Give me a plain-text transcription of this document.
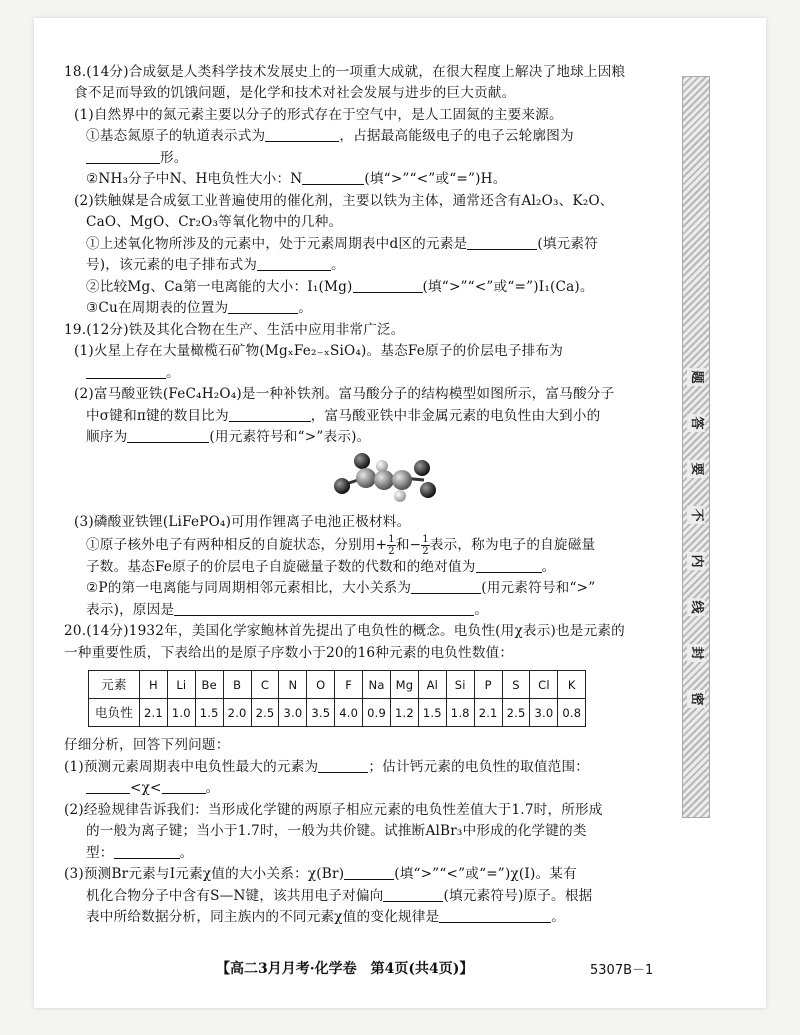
18.(14分)合成氨是人类科学技术发展史上的一项重大成就，在很大程度上解决了地球上因粮

食不足而导致的饥饿问题，是化学和技术对社会发展与进步的巨大贡献。

(1)自然界中的氮元素主要以分子的形式存在于空气中，是人工固氮的主要来源。

①基态氮原子的轨道表示式为	，占据最高能级电子的电子云轮廓图为

形。

②NH₃分子中N、H电负性大小：N	(填“>”“<”或“=”)H。

(2)铁触媒是合成氨工业普遍使用的催化剂，主要以铁为主体，通常还含有Al₂O₃、K₂O、

CaO、MgO、Cr₂O₃等氧化物中的几种。

①上述氧化物所涉及的元素中，处于元素周期表中d区的元素是	(填元素符

号)，该元素的电子排布式为	。

②比较Mg、Ca第一电离能的大小：I₁(Mg)	(填“>”“<”或“=”)I₁(Ca)。

③Cu在周期表的位置为	。

19.(12分)铁及其化合物在生产、生活中应用非常广泛。

(1)火星上存在大量橄榄石矿物(MgₓFe₂₋ₓSiO₄)。基态Fe原子的价层电子排布为

。

(2)富马酸亚铁(FeC₄H₂O₄)是一种补铁剂。富马酸分子的结构模型如图所示，富马酸分子

中σ键和π键的数目比为	，富马酸亚铁中非金属元素的电负性由大到小的

顺序为	(用元素符号和“>”表示)。

(3)磷酸亚铁锂(LiFePO₄)可用作锂离子电池正极材料。

①原子核外电子有两种相反的自旋状态，分别用+ $\frac{1}{2}$ 和− $\frac{1}{2}$ 表示，称为电子的自旋磁量

子数。基态Fe原子的价层电子自旋磁量子数的代数和的绝对值为	。

②P的第一电离能与同周期相邻元素相比，大小关系为	(用元素符号和“>”

表示)，原因是	。

20.(14分)1932年，美国化学家鲍林首先提出了电负性的概念。电负性(用χ表示)也是元素的

一种重要性质，下表给出的是原子序数小于20的16种元素的电负性数值：

元素	H	Li	Be	B	C	N	O	F	Na	Mg	Al	Si	P	S	Cl	K
电负性	2.1	1.0	1.5	2.0	2.5	3.0	3.5	4.0	0.9	1.2	1.5	1.8	2.1	2.5	3.0	0.8

仔细分析，回答下列问题：

(1)预测元素周期表中电负性最大的元素为	；估计钙元素的电负性的取值范围：

<χ<	。

(2)经验规律告诉我们：当形成化学键的两原子相应元素的电负性差值大于1.7时，所形成

的一般为离子键；当小于1.7时，一般为共价键。试推断AlBr₃中形成的化学键的类

型：	。

(3)预测Br元素与I元素χ值的大小关系：χ(Br)	(填“>”“<”或“=”)χ(I)。某有

机化合物分子中含有S—N键，该共用电子对偏向	(填元素符号)原子。根据

表中所给数据分析，同主族内的不同元素χ值的变化规律是	。

题
答
要
不
内
线
封
密
【高二3月月考·化学卷　第4页(共4页)】	5307B－1
